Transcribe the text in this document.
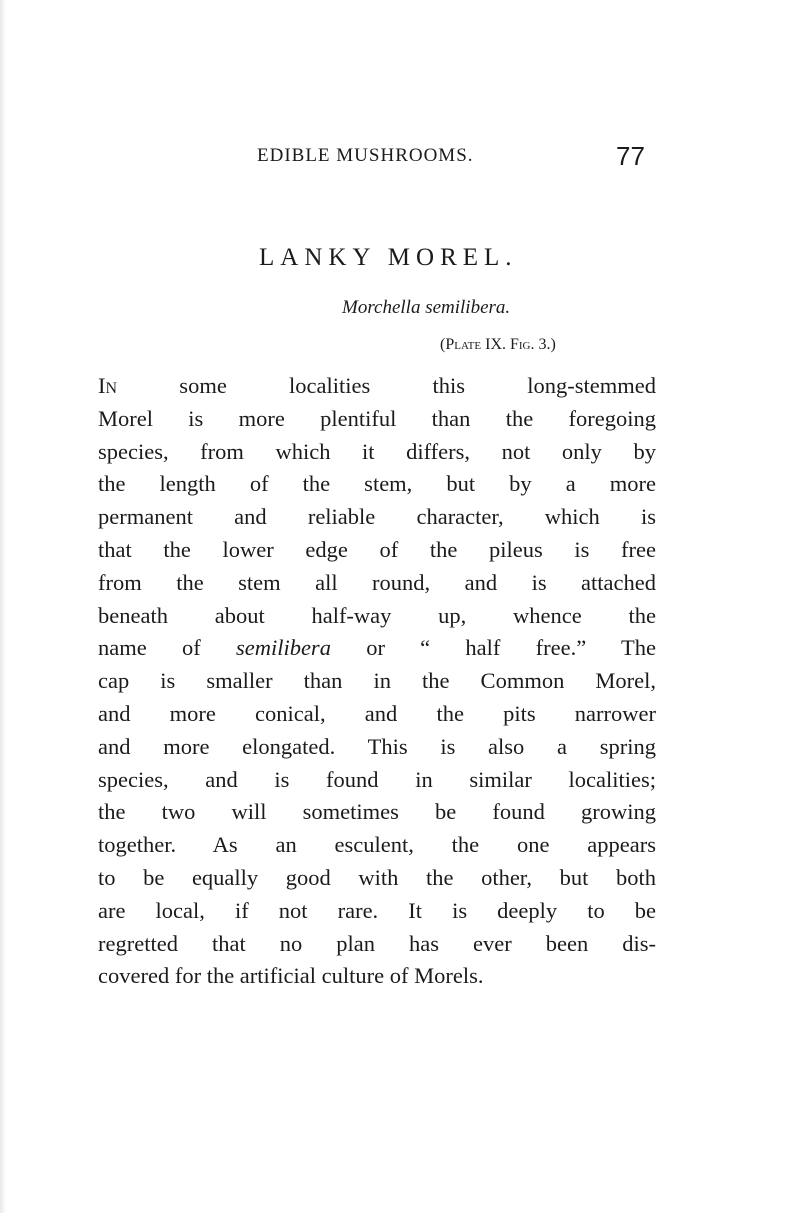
EDIBLE MUSHROOMS.	77
LANKY MOREL.
Morchella semilibera.
(Plate IX. Fig. 3.)
In some localities this long-stemmed
Morel is more plentiful than the foregoing
species, from which it differs, not only by
the length of the stem, but by a more
permanent and reliable character, which is
that the lower edge of the pileus is free
from the stem all round, and is attached
beneath about half-way up, whence the
name of semilibera or “ half free.” The
cap is smaller than in the Common Morel,
and more conical, and the pits narrower
and more elongated. This is also a spring
species, and is found in similar localities;
the two will sometimes be found growing
together. As an esculent, the one appears
to be equally good with the other, but both
are local, if not rare. It is deeply to be
regretted that no plan has ever been dis-
covered for the artificial culture of Morels.
